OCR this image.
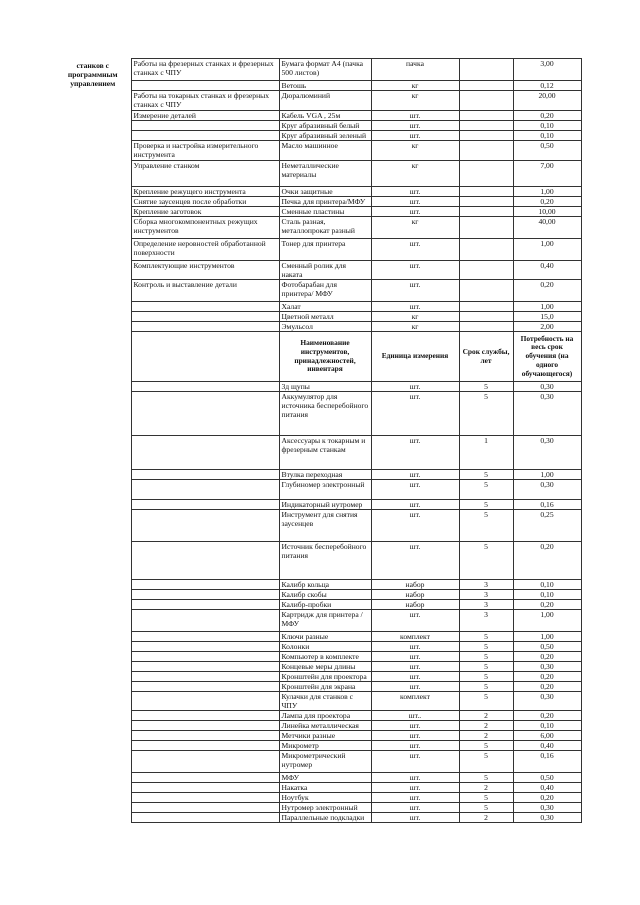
станков с программным управлением	Работы на фрезерных станках и фрезерных станках с ЧПУ	Бумага формат А4 (пачка 500 листов)	пачка		3,00
		Ветошь	кг		0,12
	Работы на токарных станках и фрезерных станках с ЧПУ	Дюралюминий	кг		20,00
	Измерение деталей	Кабель VGA , 25м	шт.		0,20
		Круг абразивный белый	шт.		0,10
		Круг абразивный зеленый	шт.		0,10
	Проверка и настройка измерительного инструмента	Масло машинное	кг		0,50
	Управление станком	Неметаллические материалы	кг		7,00
	Крепление режущего инструмента	Очки защитные	шт.		1,00
	Снятие заусенцев после обработки	Печка для принтера/МФУ	шт.		0,20
	Крепление заготовок	Сменные пластины	шт.		10,00
	Сборка многокомпонентных режущих инструментов	Сталь разная, металлопрокат разный	кг		40,00
	Определение неровностей обработанной поверхности	Тонер для принтера	шт.		1,00
	Комплектующие инструментов	Сменный ролик для наката	шт.		0,40
	Контроль и выставление детали	Фотобарабан для принтера/ МФУ	шт.		0,20
		Халат	шт.		1,00
		Цветной металл	кг		15,0
		Эмульсол	кг		2,00
		Наименование инструментов, принадлежностей, инвентаря	Единица измерения	Срок службы, лет	Потребность на весь срок обучения (на одного обучающегося)
		3д щупы	шт.	5	0,30
		Аккумулятор для источника бесперебойного питания	шт.	5	0,30
		Аксессуары к токарным и фрезерным станкам	шт.	1	0,30
		Втулка переходная	шт.	5	1,00
		Глубиномер электронный	шт.	5	0,30
		Индикаторный нутромер	шт.	5	0,16
		Инструмент для снятия заусенцев	шт.	5	0,25
		Источник бесперебойного питания	шт.	5	0,20
		Калибр кольца	набор	3	0,10
		Калибр скобы	набор	3	0,10
		Калибр-пробки	набор	3	0,20
		Картридж для принтера /МФУ	шт.	3	1,00
		Ключи разные	комплект	5	1,00
		Колонки	шт.	5	0,50
		Компьютер в комплекте	шт.	5	0,20
		Концевые меры длины	шт.	5	0,30
		Кронштейн для проектора	шт.	5	0,20
		Кронштейн для экрана	шт.	5	0,20
		Кулачки для станков с ЧПУ	комплект	5	0,30
		Лампа для проектора	шт..	2	0,20
		Линейка металлическая	шт.	2	0,10
		Метчики разные	шт.	2	6,00
		Микрометр	шт.	5	0,40
		Микрометрический нутромер	шт.	5	0,16
		МФУ	шт.	5	0,50
		Накатка	шт.	2	0,40
		Ноутбук	шт.	5	0,20
		Нутромер электронный	шт.	5	0,30
		Параллельные подкладки	шт.	2	0,30
